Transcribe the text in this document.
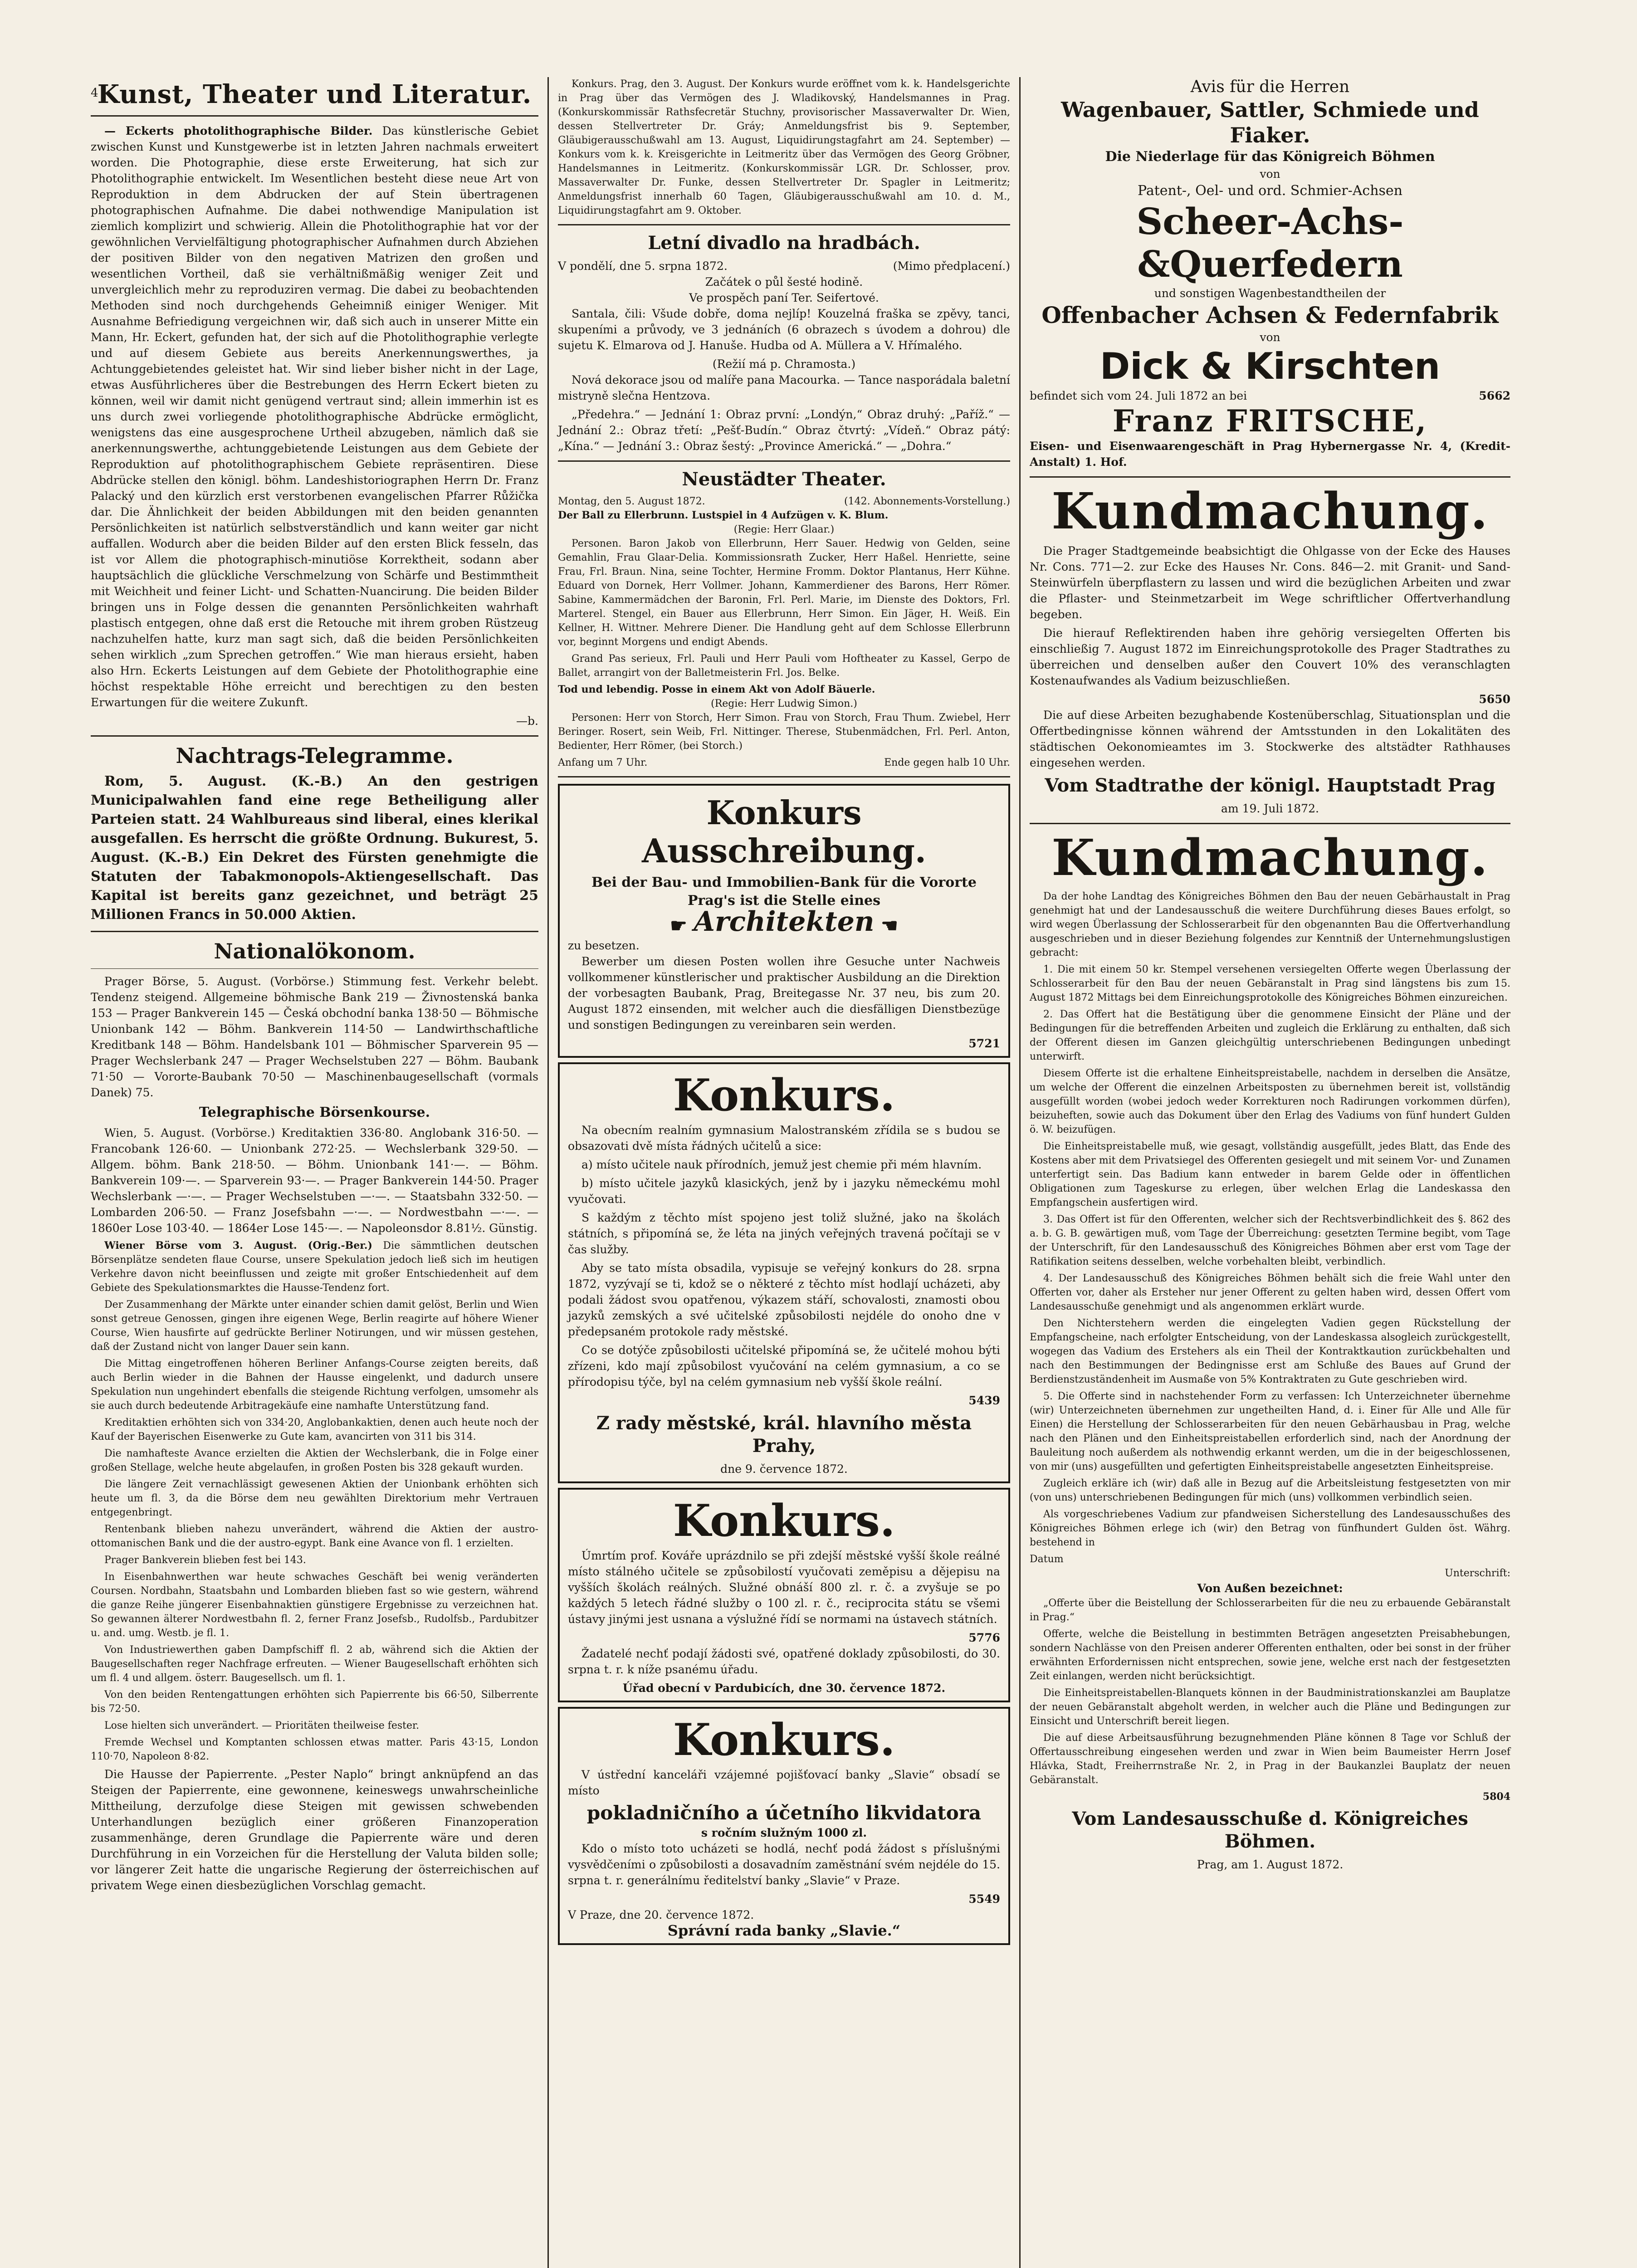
4
Kunst, Theater und Literatur.

— Eckerts photolithographische Bilder. Das künstlerische Gebiet zwischen Kunst und Kunstgewerbe ist in letzten Jahren nachmals erweitert worden. Die Photographie, diese erste Erweiterung, hat sich zur Photolithographie entwickelt. Im Wesentlichen besteht diese neue Art von Reproduktion in dem Abdrucken der auf Stein übertragenen photographischen Aufnahme. Die dabei nothwendige Manipulation ist ziemlich komplizirt und schwierig. Allein die Photolithographie hat vor der gewöhnlichen Vervielfältigung photographischer Aufnahmen durch Abziehen der positiven Bilder von den negativen Matrizen den großen und wesentlichen Vortheil, daß sie verhältnißmäßig weniger Zeit und unvergleichlich mehr zu reproduziren vermag. Die dabei zu beobachtenden Methoden sind noch durchgehends Geheimniß einiger Weniger. Mit Ausnahme Befriedigung vergeichnen wir, daß sich auch in unserer Mitte ein Mann, Hr. Eckert, gefunden hat, der sich auf die Photolithographie verlegte und auf diesem Gebiete aus bereits Anerkennungswerthes, ja Achtunggebietendes geleistet hat. Wir sind lieber bisher nicht in der Lage, etwas Ausführlicheres über die Bestrebungen des Herrn Eckert bieten zu können, weil wir damit nicht genügend vertraut sind; allein immerhin ist es uns durch zwei vorliegende photolithographische Abdrücke ermöglicht, wenigstens das eine ausgesprochene Urtheil abzugeben, nämlich daß sie anerkennungswerthe, achtunggebietende Leistungen aus dem Gebiete der Reproduktion auf photolithographischem Gebiete repräsentiren. Diese Abdrücke stellen den königl. böhm. Landeshistoriographen Herrn Dr. Franz Palacký und den kürzlich erst verstorbenen evangelischen Pfarrer Růžička dar. Die Ähnlichkeit der beiden Abbildungen mit den beiden genannten Persönlichkeiten ist natürlich selbstverständlich und kann weiter gar nicht auffallen. Wodurch aber die beiden Bilder auf den ersten Blick fesseln, das ist vor Allem die photographisch-minutiöse Korrektheit, sodann aber hauptsächlich die glückliche Verschmelzung von Schärfe und Bestimmtheit mit Weichheit und feiner Licht- und Schatten-Nuancirung. Die beiden Bilder bringen uns in Folge dessen die genannten Persönlichkeiten wahrhaft plastisch entgegen, ohne daß erst die Retouche mit ihrem groben Rüstzeug nachzuhelfen hatte, kurz man sagt sich, daß die beiden Persönlichkeiten sehen wirklich „zum Sprechen getroffen.“ Wie man hieraus ersieht, haben also Hrn. Eckerts Leistungen auf dem Gebiete der Photolithographie eine höchst respektable Höhe erreicht und berechtigen zu den besten Erwartungen für die weitere Zukunft.

—b.
Nachtrags-Telegramme.

Rom, 5. August. (K.-B.) An den gestrigen Municipalwahlen fand eine rege Betheiligung aller Parteien statt. 24 Wahlbureaus sind liberal, eines klerikal ausgefallen. Es herrscht die größte Ordnung. Bukurest, 5. August. (K.-B.) Ein Dekret des Fürsten genehmigte die Statuten der Tabakmonopols-Aktiengesellschaft. Das Kapital ist bereits ganz gezeichnet, und beträgt 25 Millionen Francs in 50.000 Aktien.

Nationalökonom.

Prager Börse, 5. August. (Vorbörse.) Stimmung fest. Verkehr belebt. Tendenz steigend. Allgemeine böhmische Bank 219 — Živnostenská banka 153 — Prager Bankverein 145 — Česká obchodní banka 138·50 — Böhmische Unionbank 142 — Böhm. Bankverein 114·50 — Landwirthschaftliche Kreditbank 148 — Böhm. Handelsbank 101 — Böhmischer Sparverein 95 — Prager Wechslerbank 247 — Prager Wechselstuben 227 — Böhm. Baubank 71·50 — Vororte-Baubank 70·50 — Maschinenbaugesellschaft (vormals Danek) 75.

Telegraphische Börsenkourse.

Wien, 5. August. (Vorbörse.) Kreditaktien 336·80. Anglobank 316·50. — Francobank 126·60. — Unionbank 272·25. — Wechslerbank 329·50. — Allgem. böhm. Bank 218·50. — Böhm. Unionbank 141·—. — Böhm. Bankverein 109·—. — Sparverein 93·—. — Prager Bankverein 144·50. Prager Wechslerbank —·—. — Prager Wechselstuben —·—. — Staatsbahn 332·50. — Lombarden 206·50. — Franz Josefsbahn —·—. — Nordwestbahn —·—. — 1860er Lose 103·40. — 1864er Lose 145·—. — Napoleonsdor 8.81½. Günstig.

Wiener Börse vom 3. August. (Orig.-Ber.) Die sämmtlichen deutschen Börsenplätze sendeten flaue Course, unsere Spekulation jedoch ließ sich im heutigen Verkehre davon nicht beeinflussen und zeigte mit großer Entschiedenheit auf dem Gebiete des Spekulationsmarktes die Hausse-Tendenz fort.

Der Zusammenhang der Märkte unter einander schien damit gelöst, Berlin und Wien sonst getreue Genossen, gingen ihre eigenen Wege, Berlin reagirte auf höhere Wiener Course, Wien hausfirte auf gedrückte Berliner Notirungen, und wir müssen gestehen, daß der Zustand nicht von langer Dauer sein kann.

Die Mittag eingetroffenen höheren Berliner Anfangs-Course zeigten bereits, daß auch Berlin wieder in die Bahnen der Hausse eingelenkt, und dadurch unsere Spekulation nun ungehindert ebenfalls die steigende Richtung verfolgen, umsomehr als sie auch durch bedeutende Arbitragekäufe eine namhafte Unterstützung fand.

Kreditaktien erhöhten sich von 334·20, Anglobankaktien, denen auch heute noch der Kauf der Bayerischen Eisenwerke zu Gute kam, avancirten von 311 bis 314.

Die namhafteste Avance erzielten die Aktien der Wechslerbank, die in Folge einer großen Stellage, welche heute abgelaufen, in großen Posten bis 328 gekauft wurden.

Die längere Zeit vernachlässigt gewesenen Aktien der Unionbank erhöhten sich heute um fl. 3, da die Börse dem neu gewählten Direktorium mehr Vertrauen entgegenbringt.

Rentenbank blieben nahezu unverändert, während die Aktien der austro-ottomanischen Bank und die der austro-egypt. Bank eine Avance von fl. 1 erzielten.

Prager Bankverein blieben fest bei 143.

In Eisenbahnwerthen war heute schwaches Geschäft bei wenig veränderten Coursen. Nordbahn, Staatsbahn und Lombarden blieben fast so wie gestern, während die ganze Reihe jüngerer Eisenbahnaktien günstigere Ergebnisse zu verzeichnen hat. So gewannen älterer Nordwestbahn fl. 2, ferner Franz Josefsb., Rudolfsb., Pardubitzer u. and. umg. Westb. je fl. 1.

Von Industriewerthen gaben Dampfschiff fl. 2 ab, während sich die Aktien der Baugesellschaften reger Nachfrage erfreuten. — Wiener Baugesellschaft erhöhten sich um fl. 4 und allgem. österr. Baugesellsch. um fl. 1.

Von den beiden Rentengattungen erhöhten sich Papierrente bis 66·50, Silberrente bis 72·50.

Lose hielten sich unverändert. — Prioritäten theilweise fester.

Fremde Wechsel und Komptanten schlossen etwas matter. Paris 43·15, London 110·70, Napoleon 8·82.

Die Hausse der Papierrente. „Pester Naplo“ bringt anknüpfend an das Steigen der Papierrente, eine gewonnene, keineswegs unwahrscheinliche Mittheilung, derzufolge diese Steigen mit gewissen schwebenden Unterhandlungen bezüglich einer größeren Finanzoperation zusammenhänge, deren Grundlage die Papierrente wäre und deren Durchführung in ein Vorzeichen für die Herstellung der Valuta bilden solle; vor längerer Zeit hatte die ungarische Regierung der österreichischen auf privatem Wege einen diesbezüglichen Vorschlag gemacht.

Konkurs. Prag, den 3. August. Der Konkurs wurde eröffnet vom k. k. Handelsgerichte in Prag über das Vermögen des J. Wladikovský, Handelsmannes in Prag. (Konkurskommissär Rathsfecretär Stuchny, provisorischer Massaverwalter Dr. Wien, dessen Stellvertreter Dr. Gráy; Anmeldungsfrist bis 9. September, Gläubigerausschußwahl am 13. August, Liquidirungstagfahrt am 24. September) — Konkurs vom k. k. Kreisgerichte in Leitmeritz über das Vermögen des Georg Gröbner, Handelsmannes in Leitmeritz. (Konkurskommissär LGR. Dr. Schlosser, prov. Massaverwalter Dr. Funke, dessen Stellvertreter Dr. Spagler in Leitmeritz; Anmeldungsfrist innerhalb 60 Tagen, Gläubigerausschußwahl am 10. d. M., Liquidirungstagfahrt am 9. Oktober.

Letní divadlo na hradbách.
V pondělí, dne 5. srpna 1872.	(Mimo předplacení.)
Začátek o půl šesté hodině.
Ve prospěch paní Ter. Seifertové.

Santala, čili: Všude dobře, doma nejlíp! Kouzelná fraška se zpěvy, tanci, skupeními a průvody, ve 3 jednáních (6 obrazech s úvodem a dohrou) dle sujetu K. Elmarova od J. Hanuše. Hudba od A. Müllera a V. Hřímalého.

(Režií má p. Chramosta.)

Nová dekorace jsou od malíře pana Macourka. — Tance nasporádala baletní mistryně slečna Hentzova.

„Předehra.“ — Jednání 1: Obraz první: „Londýn,“ Obraz druhý: „Paříž.“ — Jednání 2.: Obraz třetí: „Pešť-Budín.“ Obraz čtvrtý: „Vídeň.“ Obraz pátý: „Kína.“ — Jednání 3.: Obraz šestý: „Province Americká.“ — „Dohra.“

Neustädter Theater.
Montag, den 5. August 1872.	(142. Abonnements-Vorstellung.)
Der Ball zu Ellerbrunn. Lustspiel in 4 Aufzügen v. K. Blum.
(Regie: Herr Glaar.)

Personen. Baron Jakob von Ellerbrunn, Herr Sauer. Hedwig von Gelden, seine Gemahlin, Frau Glaar-Delia. Kommissionsrath Zucker, Herr Haßel. Henriette, seine Frau, Frl. Braun. Nina, seine Tochter, Hermine Fromm. Doktor Plantanus, Herr Kühne. Eduard von Dornek, Herr Vollmer. Johann, Kammerdiener des Barons, Herr Römer. Sabine, Kammermädchen der Baronin, Frl. Perl. Marie, im Dienste des Doktors, Frl. Marterel. Stengel, ein Bauer aus Ellerbrunn, Herr Simon. Ein Jäger, H. Weiß. Ein Kellner, H. Wittner. Mehrere Diener. Die Handlung geht auf dem Schlosse Ellerbrunn vor, beginnt Morgens und endigt Abends.

Grand Pas serieux, Frl. Pauli und Herr Pauli vom Hoftheater zu Kassel, Gerpo de Ballet, arrangirt von der Balletmeisterin Frl. Jos. Belke.

Tod und lebendig. Posse in einem Akt von Adolf Bäuerle.
(Regie: Herr Ludwig Simon.)

Personen: Herr von Storch, Herr Simon. Frau von Storch, Frau Thum. Zwiebel, Herr Beringer. Rosert, sein Weib, Frl. Nittinger. Therese, Stubenmädchen, Frl. Perl. Anton, Bedienter, Herr Römer, (bei Storch.)

Anfang um 7 Uhr.	Ende gegen halb 10 Uhr.
Konkurs Ausschreibung.
Bei der Bau- und Immobilien-Bank für die Vororte Prag's ist die Stelle eines
☛ Architekten ☚
zu besetzen.

Bewerber um diesen Posten wollen ihre Gesuche unter Nachweis vollkommener künstlerischer und praktischer Ausbildung an die Direktion der vorbesagten Baubank, Prag, Breitegasse Nr. 37 neu, bis zum 20. August 1872 einsenden, mit welcher auch die diesfälligen Dienstbezüge und sonstigen Bedingungen zu vereinbaren sein werden.

5721
Konkurs.

Na obecním realním gymnasium Malostranském zřídila se s budou se obsazovati dvě místa řádných učitelů a sice:

a) místo učitele nauk přírodních, jemuž jest chemie při mém hlavním.

b) místo učitele jazyků klasických, jenž by i jazyku německému mohl vyučovati.

S každým z těchto míst spojeno jest toliž služné, jako na školách státních, s připomíná se, že léta na jiných veřejných travená počítaji se v čas služby.

Aby se tato místa obsadila, vypisuje se veřejný konkurs do 28. srpna 1872, vyzývají se ti, kdož se o některé z těchto míst hodlají ucházeti, aby podali žádost svou opatřenou, výkazem stáří, schovalosti, znamosti obou jazyků zemských a své učitelské způsobilosti nejdéle do onoho dne v předepsaném protokole rady městské.

Co se dotýče způsobilosti učitelské připomíná se, že učitelé mohou býti zřízeni, kdo mají způsobilost vyučování na celém gymnasium, a co se přírodopisu týče, byl na celém gymnasium neb vyšší škole reální.

5439
Z rady městské, král. hlavního města Prahy,
dne 9. července 1872.
Konkurs.

Úmrtím prof. Kováře uprázdnilo se při zdejší městské vyšší škole reálné místo stálného učitele se způsobilostí vyučovati zeměpisu a dějepisu na vyšších školách reálných. Služné obnáší 800 zl. r. č. a zvyšuje se po každých 5 letech řádné služby o 100 zl. r. č., reciprocita státu se všemi ústavy jinými jest usnana a výslužné řídí se normami na ústavech státních.

5776

Žadatelé nechť podají žádosti své, opatřené doklady způsobilosti, do 30. srpna t. r. k níže psanému úřadu.

Úřad obecní v Pardubicích, dne 30. července 1872.
Konkurs.

V ústřední kanceláři vzájemné pojišťovací banky „Slavie“ obsadí se místo

pokladničního a účetního likvidatora
s ročním služným 1000 zl.

Kdo o místo toto ucházeti se hodlá, nechť podá žádost s příslušnými vysvědčeními o způsobilosti a dosavadním zaměstnání svém nejdéle do 15. srpna t. r. generálnímu ředitelství banky „Slavie“ v Praze.

5549
V Praze, dne 20. července 1872.
Správní rada banky „Slavie.“
Avis für die Herren
Wagenbauer, Sattler, Schmiede und Fiaker.
Die Niederlage für das Königreich Böhmen
von
Patent-, Oel- und ord. Schmier-Achsen
Scheer-Achs-&Querfedern
und sonstigen Wagenbestandtheilen der
Offenbacher Achsen & Federnfabrik
von
Dick & Kirschten
befindet sich vom 24. Juli 1872 an bei	5662
Franz FRITSCHE,
Eisen- und Eisenwaarengeschäft in Prag Hybernergasse Nr. 4, (Kredit-Anstalt) 1. Hof.
Kundmachung.

Die Prager Stadtgemeinde beabsichtigt die Ohlgasse von der Ecke des Hauses Nr. Cons. 771—2. zur Ecke des Hauses Nr. Cons. 846—2. mit Granit- und Sand-Steinwürfeln überpflastern zu lassen und wird die bezüglichen Arbeiten und zwar die Pflaster- und Steinmetzarbeit im Wege schriftlicher Offertverhandlung begeben.

Die hierauf Reflektirenden haben ihre gehörig versiegelten Offerten bis einschließig 7. August 1872 im Einreichungsprotokolle des Prager Stadtrathes zu überreichen und denselben außer den Couvert 10% des veranschlagten Kostenaufwandes als Vadium beizuschließen.

5650

Die auf diese Arbeiten bezughabende Kostenüberschlag, Situationsplan und die Offertbedingnisse können während der Amtsstunden in den Lokalitäten des städtischen Oekonomieamtes im 3. Stockwerke des altstädter Rathhauses eingesehen werden.

Vom Stadtrathe der königl. Hauptstadt Prag
am 19. Juli 1872.
Kundmachung.

Da der hohe Landtag des Königreiches Böhmen den Bau der neuen Gebärhaustalt in Prag genehmigt hat und der Landesausschuß die weitere Durchführung dieses Baues erfolgt, so wird wegen Überlassung der Schlosserarbeit für den obgenannten Bau die Offertverhandlung ausgeschrieben und in dieser Beziehung folgendes zur Kenntniß der Unternehmungslustigen gebracht:

1. Die mit einem 50 kr. Stempel versehenen versiegelten Offerte wegen Überlassung der Schlosserarbeit für den Bau der neuen Gebäranstalt in Prag sind längstens bis zum 15. August 1872 Mittags bei dem Einreichungsprotokolle des Königreiches Böhmen einzureichen.

2. Das Offert hat die Bestätigung über die genommene Einsicht der Pläne und der Bedingungen für die betreffenden Arbeiten und zugleich die Erklärung zu enthalten, daß sich der Offerent diesen im Ganzen gleichgültig unterschriebenen Bedingungen unbedingt unterwirft.

Diesem Offerte ist die erhaltene Einheitspreistabelle, nachdem in derselben die Ansätze, um welche der Offerent die einzelnen Arbeitsposten zu übernehmen bereit ist, vollständig ausgefüllt worden (wobei jedoch weder Korrekturen noch Radirungen vorkommen dürfen), beizuheften, sowie auch das Dokument über den Erlag des Vadiums von fünf hundert Gulden ö. W. beizufügen.

Die Einheitspreistabelle muß, wie gesagt, vollständig ausgefüllt, jedes Blatt, das Ende des Kostens aber mit dem Privatsiegel des Offerenten gesiegelt und mit seinem Vor- und Zunamen unterfertigt sein. Das Badium kann entweder in barem Gelde oder in öffentlichen Obligationen zum Tageskurse zu erlegen, über welchen Erlag die Landeskassa den Empfangschein ausfertigen wird.

3. Das Offert ist für den Offerenten, welcher sich der Rechtsverbindlichkeit des §. 862 des a. b. G. B. gewärtigen muß, vom Tage der Überreichung: gesetzten Termine begibt, vom Tage der Unterschrift, für den Landesausschuß des Königreiches Böhmen aber erst vom Tage der Ratifikation seitens desselben, welche vorbehalten bleibt, verbindlich.

4. Der Landesausschuß des Königreiches Böhmen behält sich die freie Wahl unter den Offerten vor, daher als Ersteher nur jener Offerent zu gelten haben wird, dessen Offert vom Landesausschuße genehmigt und als angenommen erklärt wurde.

Den Nichterstehern werden die eingelegten Vadien gegen Rückstellung der Empfangscheine, nach erfolgter Entscheidung, von der Landeskassa alsogleich zurückgestellt, wogegen das Vadium des Erstehers als ein Theil der Kontraktkaution zurückbehalten und nach den Bestimmungen der Bedingnisse erst am Schluße des Baues auf Grund der Berdienstzuständenheit im Ausmaße von 5% Kontraktraten zu Gute geschrieben wird.

5. Die Offerte sind in nachstehender Form zu verfassen: Ich Unterzeichneter übernehme (wir) Unterzeichneten übernehmen zur ungetheilten Hand, d. i. Einer für Alle und Alle für Einen) die Herstellung der Schlosserarbeiten für den neuen Gebärhausbau in Prag, welche nach den Plänen und den Einheitspreistabellen erforderlich sind, nach der Anordnung der Bauleitung noch außerdem als nothwendig erkannt werden, um die in der beigeschlossenen, von mir (uns) ausgefüllten und gefertigten Einheitspreistabelle angesetzten Einheitspreise.

Zugleich erkläre ich (wir) daß alle in Bezug auf die Arbeitsleistung festgesetzten von mir (von uns) unterschriebenen Bedingungen für mich (uns) vollkommen verbindlich seien.

Als vorgeschriebenes Vadium zur pfandweisen Sicherstellung des Landesausschußes des Königreiches Böhmen erlege ich (wir) den Betrag von fünfhundert Gulden öst. Währg. bestehend in

Datum
Unterschrift:
Von Außen bezeichnet:

„Offerte über die Beistellung der Schlosserarbeiten für die neu zu erbauende Gebäranstalt in Prag.“

Offerte, welche die Beistellung in bestimmten Beträgen angesetzten Preisabhebungen, sondern Nachlässe von den Preisen anderer Offerenten enthalten, oder bei sonst in der früher erwähnten Erfordernissen nicht entsprechen, sowie jene, welche erst nach der festgesetzten Zeit einlangen, werden nicht berücksichtigt.

Die Einheitspreistabellen-Blanquets können in der Baudministrationskanzlei am Bauplatze der neuen Gebäranstalt abgeholt werden, in welcher auch die Pläne und Bedingungen zur Einsicht und Unterschrift bereit liegen.

Die auf diese Arbeitsausführung bezugnehmenden Pläne können 8 Tage vor Schluß der Offertausschreibung eingesehen werden und zwar in Wien beim Baumeister Herrn Josef Hlávka, Stadt, Freiherrnstraße Nr. 2, in Prag in der Baukanzlei Bauplatz der neuen Gebäranstalt.

5804
Vom Landesausschuße d. Königreiches Böhmen.
Prag, am 1. August 1872.
